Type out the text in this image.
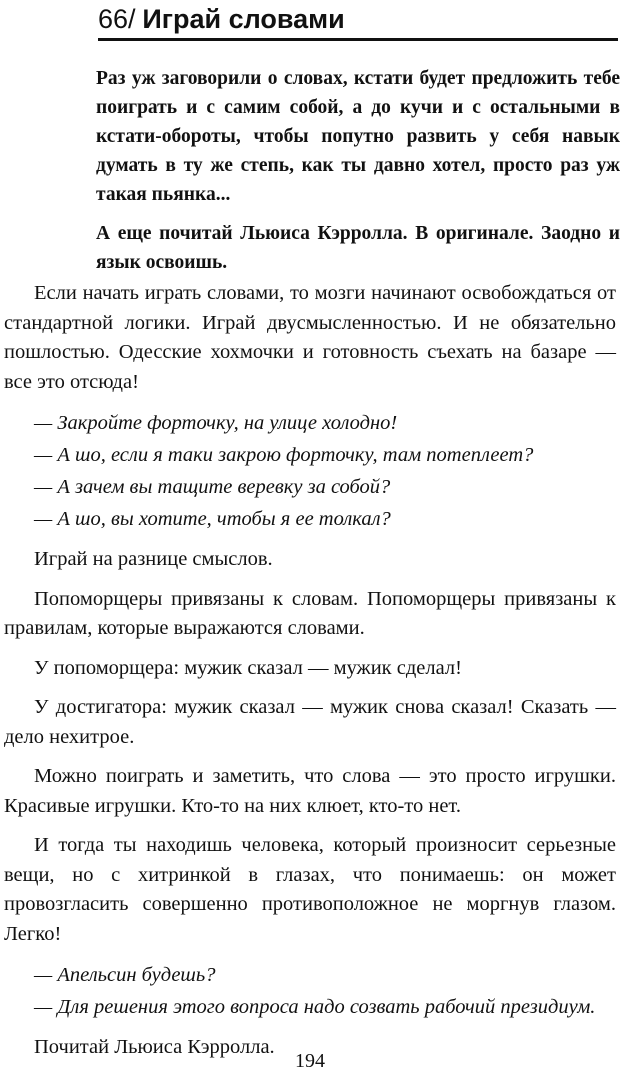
66/ Играй словами

Раз уж заговорили о словах, кстати будет предложить тебе поиграть и с самим собой, а до кучи и с остальными в кстати-обороты, чтобы попутно развить у себя навык думать в ту же степь, как ты давно хотел, просто раз уж такая пьянка...

А еще почитай Льюиса Кэрролла. В оригинале. Заодно и язык освоишь.

Если начать играть словами, то мозги начинают освобождаться от стандартной логики. Играй двусмысленностью. И не обязательно пошлостью. Одесские хохмочки и готовность съехать на базаре — все это отсюда!

— Закройте форточку, на улице холодно!

— А шо, если я таки закрою форточку, там потеплеет?

— А зачем вы тащите веревку за собой?

— А шо, вы хотите, чтобы я ее толкал?

Играй на разнице смыслов.

Попоморщеры привязаны к словам. Попоморщеры привязаны к правилам, которые выражаются словами.

У попоморщера: мужик сказал — мужик сделал!

У достигатора: мужик сказал — мужик снова сказал! Сказать — дело нехитрое.

Можно поиграть и заметить, что слова — это просто игрушки. Красивые игрушки. Кто-то на них клюет, кто-то нет.

И тогда ты находишь человека, который произносит серьезные вещи, но с хитринкой в глазах, что понимаешь: он может провозгласить совершенно противоположное не моргнув глазом. Легко!

— Апельсин будешь?

— Для решения этого вопроса надо созвать рабочий президиум.

Почитай Льюиса Кэрролла.

194
